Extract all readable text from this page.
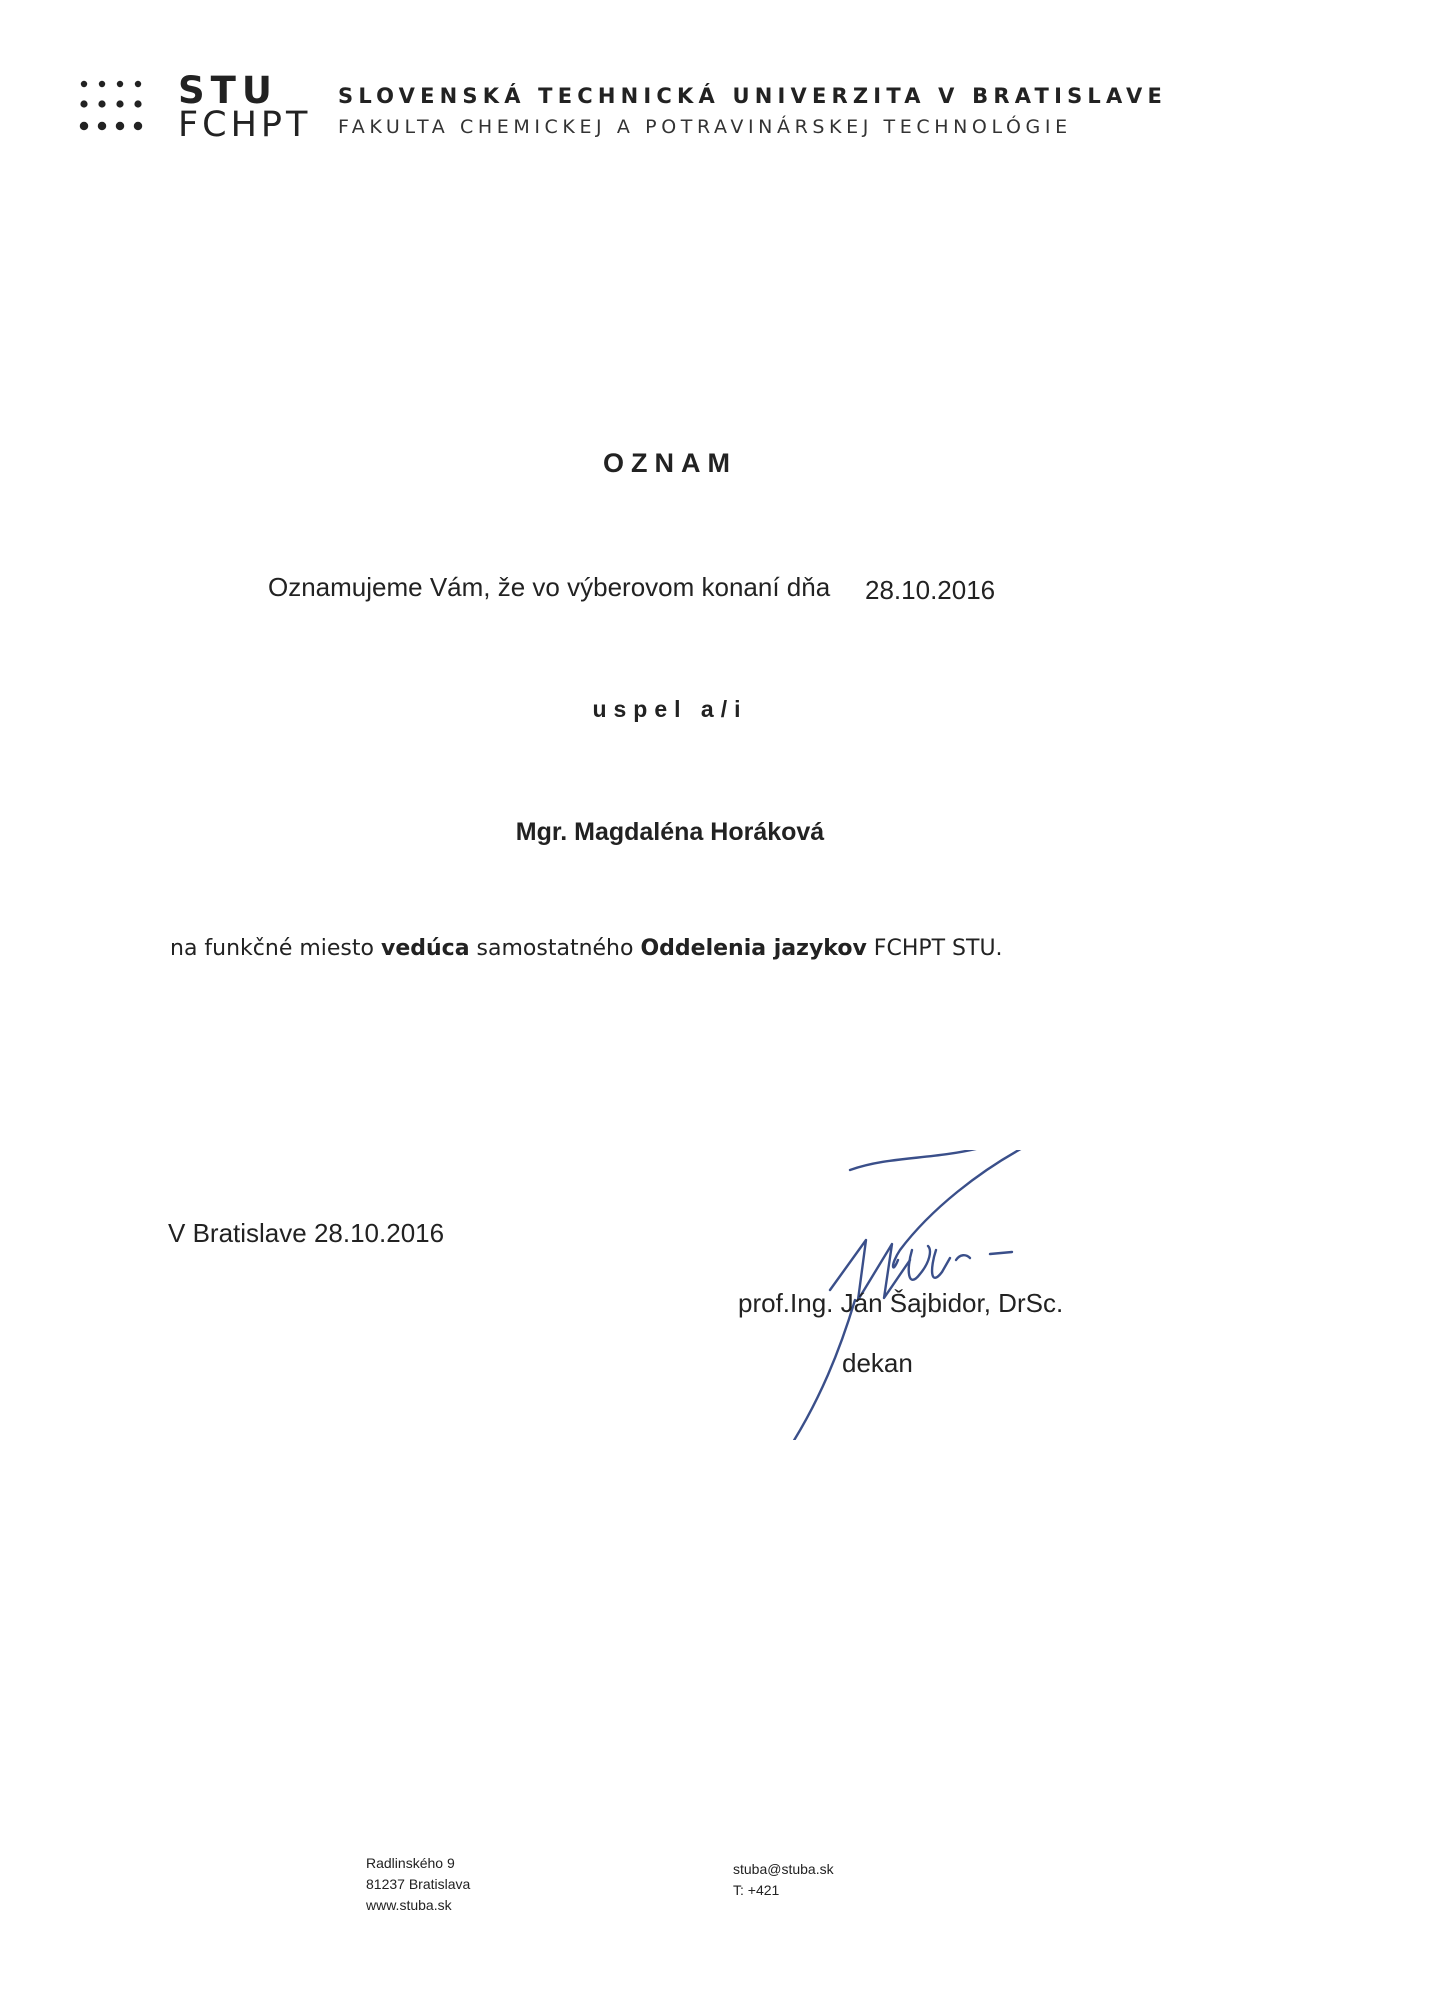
STU
FCHPT
SLOVENSKÁ TECHNICKÁ UNIVERZITA V BRATISLAVE
FAKULTA CHEMICKEJ A POTRAVINÁRSKEJ TECHNOLÓGIE
OZNAM
Oznamujeme Vám, že vo výberovom konaní dňa 28.10.2016
uspel a/i
Mgr. Magdaléna Horáková
na funkčné miesto vedúca samostatného Oddelenia jazykov FCHPT STU.
V Bratislave 28.10.2016
prof.Ing. Ján Šajbidor, DrSc.
dekan
Radlinského 9
81237 Bratislava
www.stuba.sk
stuba@stuba.sk
T: +421
